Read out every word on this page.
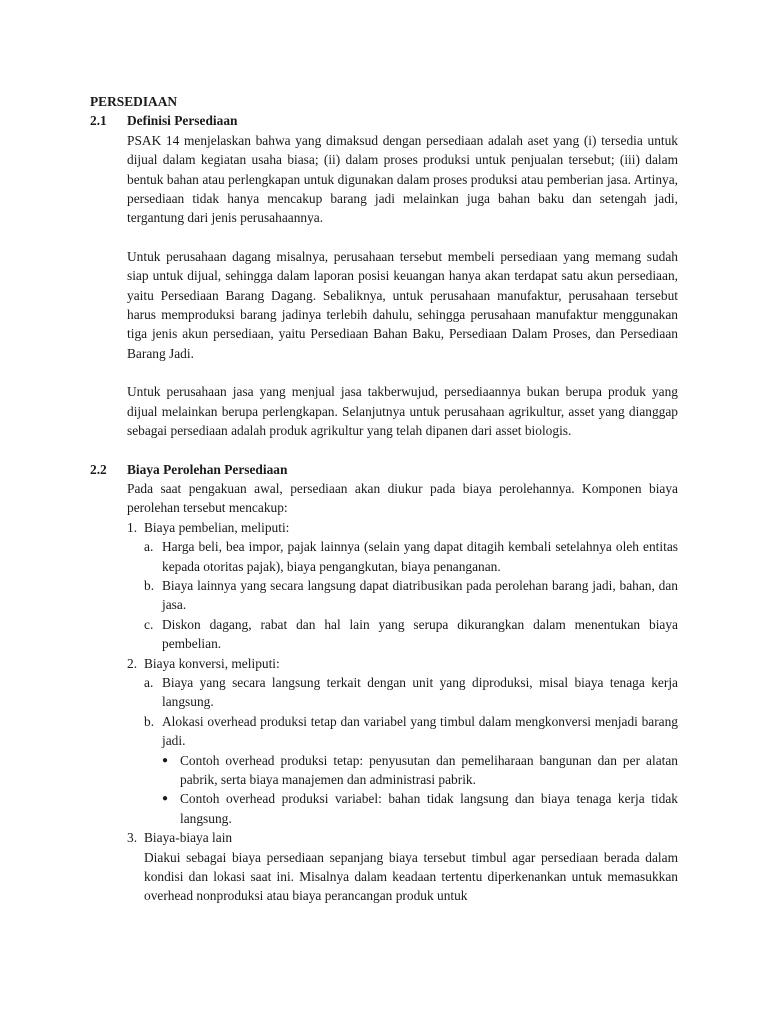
PERSEDIAAN
2.1	Definisi Persediaan

PSAK 14 menjelaskan bahwa yang dimaksud dengan persediaan adalah aset yang (i) tersedia untuk dijual dalam kegiatan usaha biasa; (ii) dalam proses produksi untuk penjualan tersebut; (iii) dalam bentuk bahan atau perlengkapan untuk digunakan dalam proses produksi atau pemberian jasa. Artinya, persediaan tidak hanya mencakup barang jadi melainkan juga bahan baku dan setengah jadi, tergantung dari jenis perusahaannya.

Untuk perusahaan dagang misalnya, perusahaan tersebut membeli persediaan yang memang sudah siap untuk dijual, sehingga dalam laporan posisi keuangan hanya akan terdapat satu akun persediaan, yaitu Persediaan Barang Dagang. Sebaliknya, untuk perusahaan manufaktur, perusahaan tersebut harus memproduksi barang jadinya terlebih dahulu, sehingga perusahaan manufaktur menggunakan tiga jenis akun persediaan, yaitu Persediaan Bahan Baku, Persediaan Dalam Proses, dan Persediaan Barang Jadi.

Untuk perusahaan jasa yang menjual jasa takberwujud, persediaannya bukan berupa produk yang dijual melainkan berupa perlengkapan. Selanjutnya untuk perusahaan agrikultur, asset yang dianggap sebagai persediaan adalah produk agrikultur yang telah dipanen dari asset biologis.

2.2	Biaya Perolehan Persediaan

Pada saat pengakuan awal, persediaan akan diukur pada biaya perolehannya. Komponen biaya perolehan tersebut mencakup:

1. Biaya pembelian, meliputi:
a. Harga beli, bea impor, pajak lainnya (selain yang dapat ditagih kembali setelahnya oleh entitas kepada otoritas pajak), biaya pengangkutan, biaya penanganan.
b. Biaya lainnya yang secara langsung dapat diatribusikan pada perolehan barang jadi, bahan, dan jasa.
c. Diskon dagang, rabat dan hal lain yang serupa dikurangkan dalam menentukan biaya pembelian.
2. Biaya konversi, meliputi:
a. Biaya yang secara langsung terkait dengan unit yang diproduksi, misal biaya tenaga kerja langsung.
b. Alokasi overhead produksi tetap dan variabel yang timbul dalam mengkonversi menjadi barang jadi.
● Contoh overhead produksi tetap: penyusutan dan pemeliharaan bangunan dan per alatan pabrik, serta biaya manajemen dan administrasi pabrik.
● Contoh overhead produksi variabel: bahan tidak langsung dan biaya tenaga kerja tidak langsung.
3. Biaya-biaya lain

Diakui sebagai biaya persediaan sepanjang biaya tersebut timbul agar persediaan berada dalam kondisi dan lokasi saat ini. Misalnya dalam keadaan tertentu diperkenankan untuk memasukkan overhead nonproduksi atau biaya perancangan produk untuk
